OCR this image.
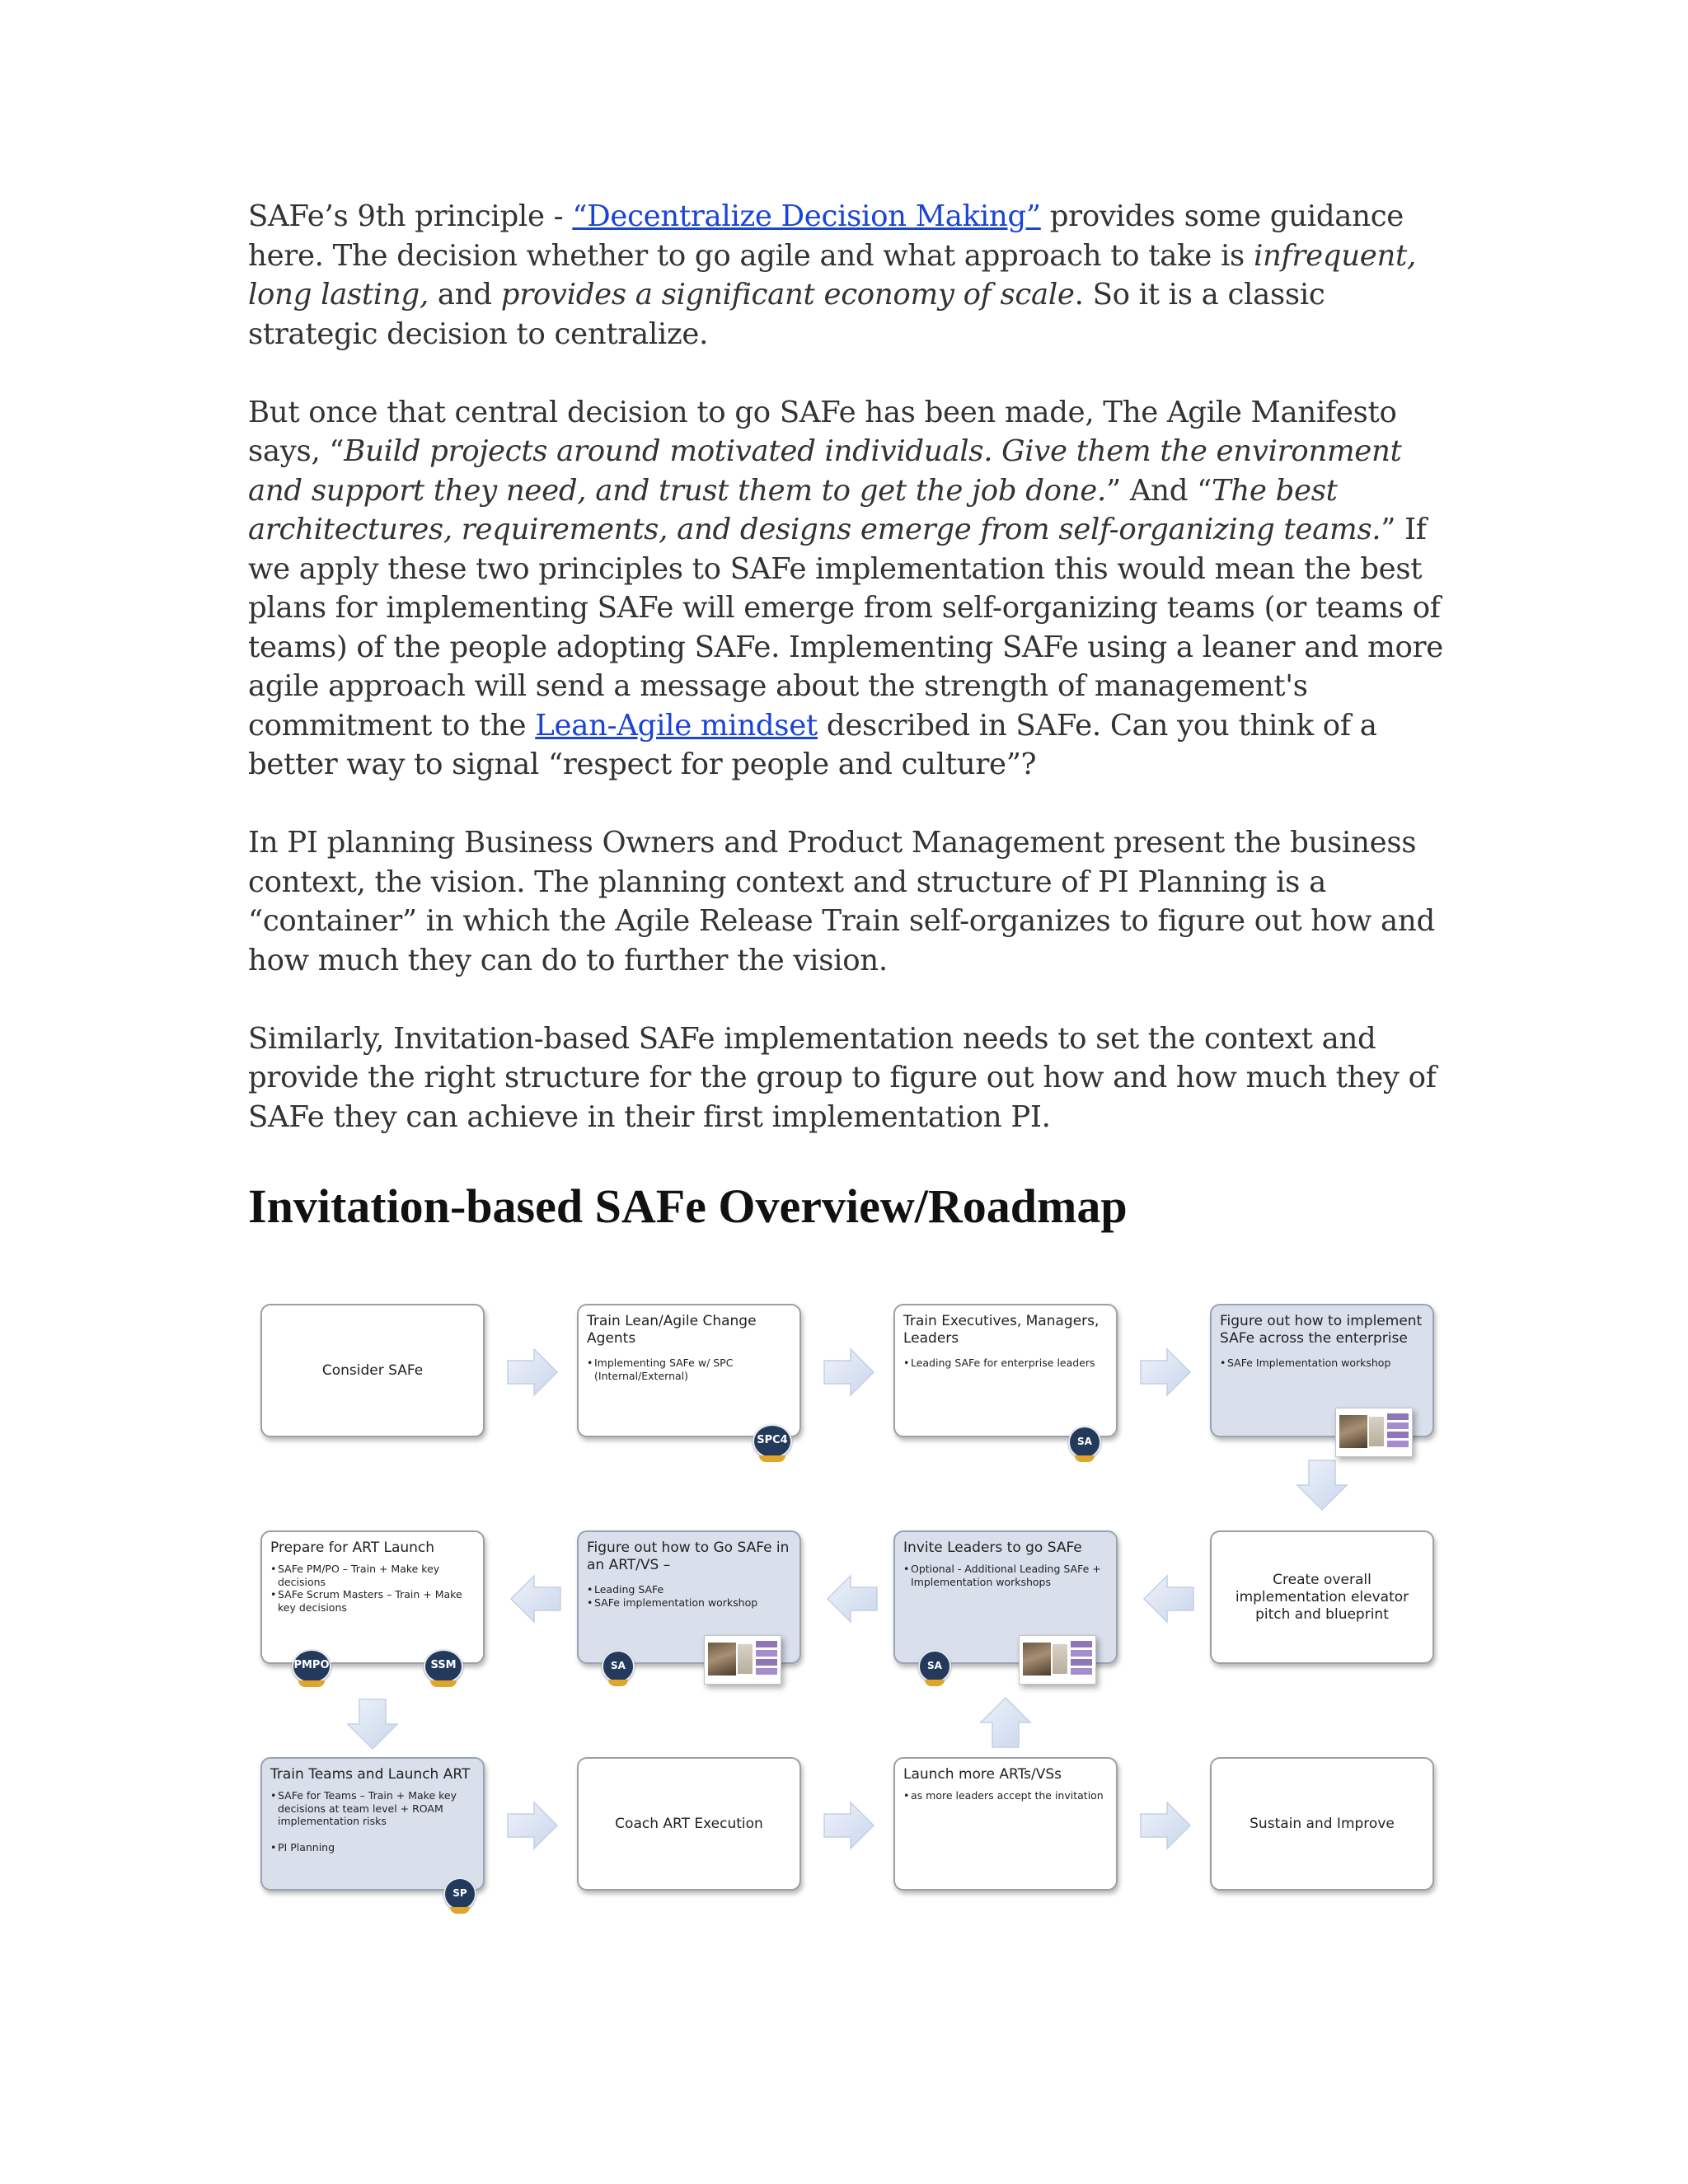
SAFe’s 9th principle - “Decentralize Decision Making” provides some guidance here. The decision whether to go agile and what approach to take is infrequent, long lasting, and provides a significant economy of scale. So it is a classic strategic decision to centralize.

But once that central decision to go SAFe has been made, The Agile Manifesto says, “Build projects around motivated individuals. Give them the environment and support they need, and trust them to get the job done.” And “The best architectures, requirements, and designs emerge from self-organizing teams.” If we apply these two principles to SAFe implementation this would mean the best plans for implementing SAFe will emerge from self-organizing teams (or teams of teams) of the people adopting SAFe. Implementing SAFe using a leaner and more agile approach will send a message about the strength of management's commitment to the Lean-Agile mindset described in SAFe. Can you think of a better way to signal “respect for people and culture”?

In PI planning Business Owners and Product Management present the business context, the vision. The planning context and structure of PI Planning is a “container” in which the Agile Release Train self-organizes to figure out how and how much they can do to further the vision.

Similarly, Invitation-based SAFe implementation needs to set the context and provide the right structure for the group to figure out how and how much they of SAFe they can achieve in their first implementation PI.

Invitation-based SAFe Overview/Roadmap
Consider SAFe
Train Lean/Agile Change Agents
• Implementing SAFe w/ SPC (Internal/External)
SPC4
Train Executives, Managers, Leaders
• Leading SAFe for enterprise leaders
SA
Figure out how to implement SAFe across the enterprise
• SAFe Implementation workshop
Prepare for ART Launch
• SAFe PM/PO – Train + Make key decisions
• SAFe Scrum Masters – Train + Make key decisions
PMPO	SSM
Figure out how to Go SAFe in an ART/VS –
• Leading SAFe
• SAFe implementation workshop
SA
Invite Leaders to go SAFe
• Optional - Additional Leading SAFe + Implementation workshops
SA
Create overall implementation elevator pitch and blueprint
Train Teams and Launch ART
• SAFe for Teams – Train + Make key decisions at team level + ROAM implementation risks
• PI Planning
SP
Coach ART Execution
Launch more ARTs/VSs
• as more leaders accept the invitation
Sustain and Improve
